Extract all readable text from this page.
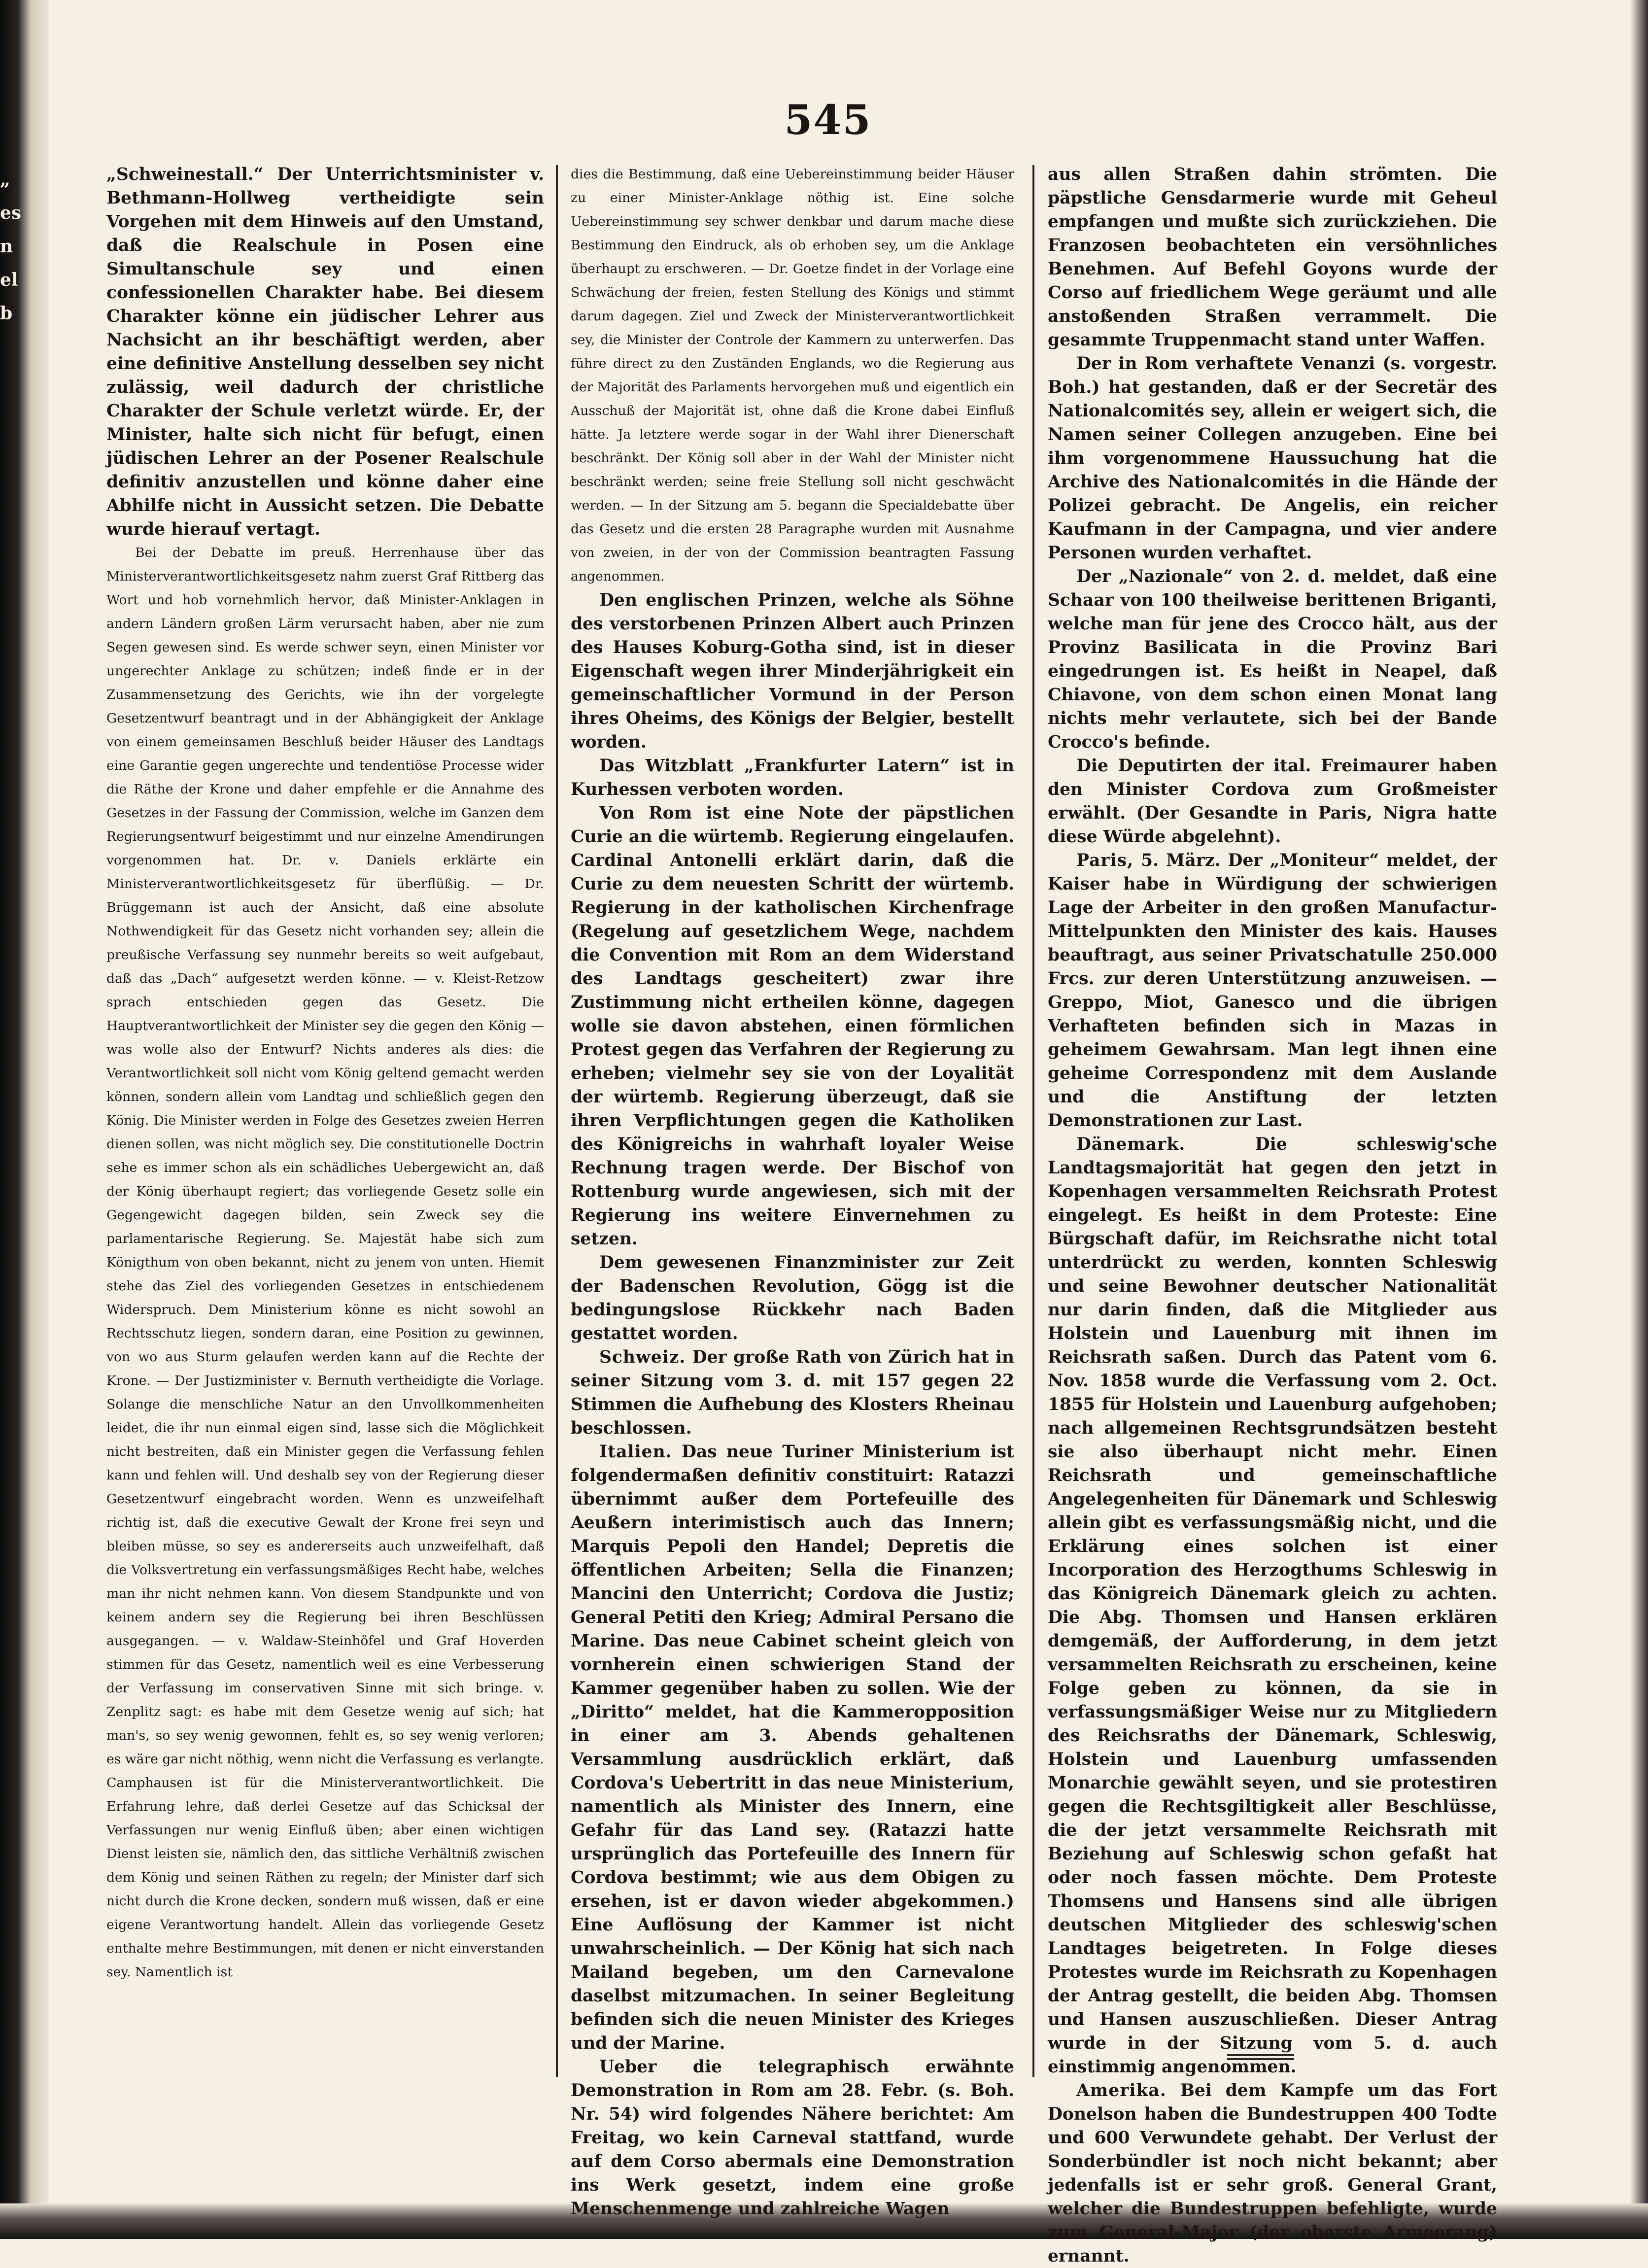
„
es
n
el
b
545

„Schweinestall.“ Der Unterrichtsminister v. Bethmann-Hollweg vertheidigte sein Vorgehen mit dem Hinweis auf den Umstand, daß die Realschule in Posen eine Simultanschule sey und einen confessionellen Charakter habe. Bei diesem Charakter könne ein jüdischer Lehrer aus Nachsicht an ihr beschäftigt werden, aber eine definitive Anstellung desselben sey nicht zulässig, weil dadurch der christliche Charakter der Schule verletzt würde. Er, der Minister, halte sich nicht für befugt, einen jüdischen Lehrer an der Posener Realschule definitiv anzustellen und könne daher eine Abhilfe nicht in Aussicht setzen. Die Debatte wurde hierauf vertagt.

Bei der Debatte im preuß. Herrenhause über das Ministerverantwortlichkeitsgesetz nahm zuerst Graf Rittberg das Wort und hob vornehmlich hervor, daß Minister-Anklagen in andern Ländern großen Lärm verursacht haben, aber nie zum Segen gewesen sind. Es werde schwer seyn, einen Minister vor ungerechter Anklage zu schützen; indeß finde er in der Zusammensetzung des Gerichts, wie ihn der vorgelegte Gesetzentwurf beantragt und in der Abhängigkeit der Anklage von einem gemeinsamen Beschluß beider Häuser des Landtags eine Garantie gegen ungerechte und tendentiöse Processe wider die Räthe der Krone und daher empfehle er die Annahme des Gesetzes in der Fassung der Commission, welche im Ganzen dem Regierungsentwurf beigestimmt und nur einzelne Amendirungen vorgenommen hat. Dr. v. Daniels erklärte ein Ministerverantwortlichkeitsgesetz für überflüßig. — Dr. Brüggemann ist auch der Ansicht, daß eine absolute Nothwendigkeit für das Gesetz nicht vorhanden sey; allein die preußische Verfassung sey nunmehr bereits so weit aufgebaut, daß das „Dach“ aufgesetzt werden könne. — v. Kleist-Retzow sprach entschieden gegen das Gesetz. Die Hauptverantwortlichkeit der Minister sey die gegen den König — was wolle also der Entwurf? Nichts anderes als dies: die Verantwortlichkeit soll nicht vom König geltend gemacht werden können, sondern allein vom Landtag und schließlich gegen den König. Die Minister werden in Folge des Gesetzes zweien Herren dienen sollen, was nicht möglich sey. Die constitutionelle Doctrin sehe es immer schon als ein schädliches Uebergewicht an, daß der König überhaupt regiert; das vorliegende Gesetz solle ein Gegengewicht dagegen bilden, sein Zweck sey die parlamentarische Regierung. Se. Majestät habe sich zum Königthum von oben bekannt, nicht zu jenem von unten. Hiemit stehe das Ziel des vorliegenden Gesetzes in entschiedenem Widerspruch. Dem Ministerium könne es nicht sowohl an Rechtsschutz liegen, sondern daran, eine Position zu gewinnen, von wo aus Sturm gelaufen werden kann auf die Rechte der Krone. — Der Justizminister v. Bernuth vertheidigte die Vorlage. Solange die menschliche Natur an den Unvollkommenheiten leidet, die ihr nun einmal eigen sind, lasse sich die Möglichkeit nicht bestreiten, daß ein Minister gegen die Verfassung fehlen kann und fehlen will. Und deshalb sey von der Regierung dieser Gesetzentwurf eingebracht worden. Wenn es unzweifelhaft richtig ist, daß die executive Gewalt der Krone frei seyn und bleiben müsse, so sey es andererseits auch unzweifelhaft, daß die Volksvertretung ein verfassungsmäßiges Recht habe, welches man ihr nicht nehmen kann. Von diesem Standpunkte und von keinem andern sey die Regierung bei ihren Beschlüssen ausgegangen. — v. Waldaw-Steinhöfel und Graf Hoverden stimmen für das Gesetz, namentlich weil es eine Verbesserung der Verfassung im conservativen Sinne mit sich bringe. v. Zenplitz sagt: es habe mit dem Gesetze wenig auf sich; hat man's, so sey wenig gewonnen, fehlt es, so sey wenig verloren; es wäre gar nicht nöthig, wenn nicht die Verfassung es verlangte. Camphausen ist für die Ministerverantwortlichkeit. Die Erfahrung lehre, daß derlei Gesetze auf das Schicksal der Verfassungen nur wenig Einfluß üben; aber einen wichtigen Dienst leisten sie, nämlich den, das sittliche Verhältniß zwischen dem König und seinen Räthen zu regeln; der Minister darf sich nicht durch die Krone decken, sondern muß wissen, daß er eine eigene Verantwortung handelt. Allein das vorliegende Gesetz enthalte mehre Bestimmungen, mit denen er nicht einverstanden sey. Namentlich ist

dies die Bestimmung, daß eine Uebereinstimmung beider Häuser zu einer Minister-Anklage nöthig ist. Eine solche Uebereinstimmung sey schwer denkbar und darum mache diese Bestimmung den Eindruck, als ob erhoben sey, um die Anklage überhaupt zu erschweren. — Dr. Goetze findet in der Vorlage eine Schwächung der freien, festen Stellung des Königs und stimmt darum dagegen. Ziel und Zweck der Ministerverantwortlichkeit sey, die Minister der Controle der Kammern zu unterwerfen. Das führe direct zu den Zuständen Englands, wo die Regierung aus der Majorität des Parlaments hervorgehen muß und eigentlich ein Ausschuß der Majorität ist, ohne daß die Krone dabei Einfluß hätte. Ja letztere werde sogar in der Wahl ihrer Dienerschaft beschränkt. Der König soll aber in der Wahl der Minister nicht beschränkt werden; seine freie Stellung soll nicht geschwächt werden. — In der Sitzung am 5. begann die Specialdebatte über das Gesetz und die ersten 28 Paragraphe wurden mit Ausnahme von zweien, in der von der Commission beantragten Fassung angenommen.

Den englischen Prinzen, welche als Söhne des verstorbenen Prinzen Albert auch Prinzen des Hauses Koburg-Gotha sind, ist in dieser Eigenschaft wegen ihrer Minderjährigkeit ein gemeinschaftlicher Vormund in der Person ihres Oheims, des Königs der Belgier, bestellt worden.

Das Witzblatt „Frankfurter Latern“ ist in Kurhessen verboten worden.

Von Rom ist eine Note der päpstlichen Curie an die würtemb. Regierung eingelaufen. Cardinal Antonelli erklärt darin, daß die Curie zu dem neuesten Schritt der würtemb. Regierung in der katholischen Kirchenfrage (Regelung auf gesetzlichem Wege, nachdem die Convention mit Rom an dem Widerstand des Landtags gescheitert) zwar ihre Zustimmung nicht ertheilen könne, dagegen wolle sie davon abstehen, einen förmlichen Protest gegen das Verfahren der Regierung zu erheben; vielmehr sey sie von der Loyalität der würtemb. Regierung überzeugt, daß sie ihren Verpflichtungen gegen die Katholiken des Königreichs in wahrhaft loyaler Weise Rechnung tragen werde. Der Bischof von Rottenburg wurde angewiesen, sich mit der Regierung ins weitere Einvernehmen zu setzen.

Dem gewesenen Finanzminister zur Zeit der Badenschen Revolution, Gögg ist die bedingungslose Rückkehr nach Baden gestattet worden.

Schweiz. Der große Rath von Zürich hat in seiner Sitzung vom 3. d. mit 157 gegen 22 Stimmen die Aufhebung des Klosters Rheinau beschlossen.

Italien. Das neue Turiner Ministerium ist folgendermaßen definitiv constituirt: Ratazzi übernimmt außer dem Portefeuille des Aeußern interimistisch auch das Innern; Marquis Pepoli den Handel; Depretis die öffentlichen Arbeiten; Sella die Finanzen; Mancini den Unterricht; Cordova die Justiz; General Petiti den Krieg; Admiral Persano die Marine. Das neue Cabinet scheint gleich von vornherein einen schwierigen Stand der Kammer gegenüber haben zu sollen. Wie der „Diritto“ meldet, hat die Kammeropposition in einer am 3. Abends gehaltenen Versammlung ausdrücklich erklärt, daß Cordova's Uebertritt in das neue Ministerium, namentlich als Minister des Innern, eine Gefahr für das Land sey. (Ratazzi hatte ursprünglich das Portefeuille des Innern für Cordova bestimmt; wie aus dem Obigen zu ersehen, ist er davon wieder abgekommen.) Eine Auflösung der Kammer ist nicht unwahrscheinlich. — Der König hat sich nach Mailand begeben, um den Carnevalone daselbst mitzumachen. In seiner Begleitung befinden sich die neuen Minister des Krieges und der Marine.

Ueber die telegraphisch erwähnte Demonstration in Rom am 28. Febr. (s. Boh. Nr. 54) wird folgendes Nähere berichtet: Am Freitag, wo kein Carneval stattfand, wurde auf dem Corso abermals eine Demonstration ins Werk gesetzt, indem eine große Menschenmenge und zahlreiche Wagen

aus allen Straßen dahin strömten. Die päpstliche Gensdarmerie wurde mit Geheul empfangen und mußte sich zurückziehen. Die Franzosen beobachteten ein versöhnliches Benehmen. Auf Befehl Goyons wurde der Corso auf friedlichem Wege geräumt und alle anstoßenden Straßen verrammelt. Die gesammte Truppenmacht stand unter Waffen.

Der in Rom verhaftete Venanzi (s. vorgestr. Boh.) hat gestanden, daß er der Secretär des Nationalcomités sey, allein er weigert sich, die Namen seiner Collegen anzugeben. Eine bei ihm vorgenommene Haussuchung hat die Archive des Nationalcomités in die Hände der Polizei gebracht. De Angelis, ein reicher Kaufmann in der Campagna, und vier andere Personen wurden verhaftet.

Der „Nazionale“ von 2. d. meldet, daß eine Schaar von 100 theilweise berittenen Briganti, welche man für jene des Crocco hält, aus der Provinz Basilicata in die Provinz Bari eingedrungen ist. Es heißt in Neapel, daß Chiavone, von dem schon einen Monat lang nichts mehr verlautete, sich bei der Bande Crocco's befinde.

Die Deputirten der ital. Freimaurer haben den Minister Cordova zum Großmeister erwählt. (Der Gesandte in Paris, Nigra hatte diese Würde abgelehnt).

Paris, 5. März. Der „Moniteur“ meldet, der Kaiser habe in Würdigung der schwierigen Lage der Arbeiter in den großen Manufactur-Mittelpunkten den Minister des kais. Hauses beauftragt, aus seiner Privatschatulle 250.000 Frcs. zur deren Unterstützung anzuweisen. — Greppo, Miot, Ganesco und die übrigen Verhafteten befinden sich in Mazas in geheimem Gewahrsam. Man legt ihnen eine geheime Correspondenz mit dem Auslande und die Anstiftung der letzten Demonstrationen zur Last.

Dänemark. Die schleswig'sche Landtagsmajorität hat gegen den jetzt in Kopenhagen versammelten Reichsrath Protest eingelegt. Es heißt in dem Proteste: Eine Bürgschaft dafür, im Reichsrathe nicht total unterdrückt zu werden, konnten Schleswig und seine Bewohner deutscher Nationalität nur darin finden, daß die Mitglieder aus Holstein und Lauenburg mit ihnen im Reichsrath saßen. Durch das Patent vom 6. Nov. 1858 wurde die Verfassung vom 2. Oct. 1855 für Holstein und Lauenburg aufgehoben; nach allgemeinen Rechtsgrundsätzen besteht sie also überhaupt nicht mehr. Einen Reichsrath und gemeinschaftliche Angelegenheiten für Dänemark und Schleswig allein gibt es verfassungsmäßig nicht, und die Erklärung eines solchen ist einer Incorporation des Herzogthums Schleswig in das Königreich Dänemark gleich zu achten. Die Abg. Thomsen und Hansen erklären demgemäß, der Aufforderung, in dem jetzt versammelten Reichsrath zu erscheinen, keine Folge geben zu können, da sie in verfassungsmäßiger Weise nur zu Mitgliedern des Reichsraths der Dänemark, Schleswig, Holstein und Lauenburg umfassenden Monarchie gewählt seyen, und sie protestiren gegen die Rechtsgiltigkeit aller Beschlüsse, die der jetzt versammelte Reichsrath mit Beziehung auf Schleswig schon gefaßt hat oder noch fassen möchte. Dem Proteste Thomsens und Hansens sind alle übrigen deutschen Mitglieder des schleswig'schen Landtages beigetreten. In Folge dieses Protestes wurde im Reichsrath zu Kopenhagen der Antrag gestellt, die beiden Abg. Thomsen und Hansen auszuschließen. Dieser Antrag wurde in der Sitzung vom 5. d. auch einstimmig angenommen.

Amerika. Bei dem Kampfe um das Fort Donelson haben die Bundestruppen 400 Todte und 600 Verwundete gehabt. Der Verlust der Sonderbündler ist noch nicht bekannt; aber jedenfalls ist er sehr groß. General Grant, welcher die Bundestruppen befehligte, wurde zum General-Major (der oberste Armeerang) ernannt.
